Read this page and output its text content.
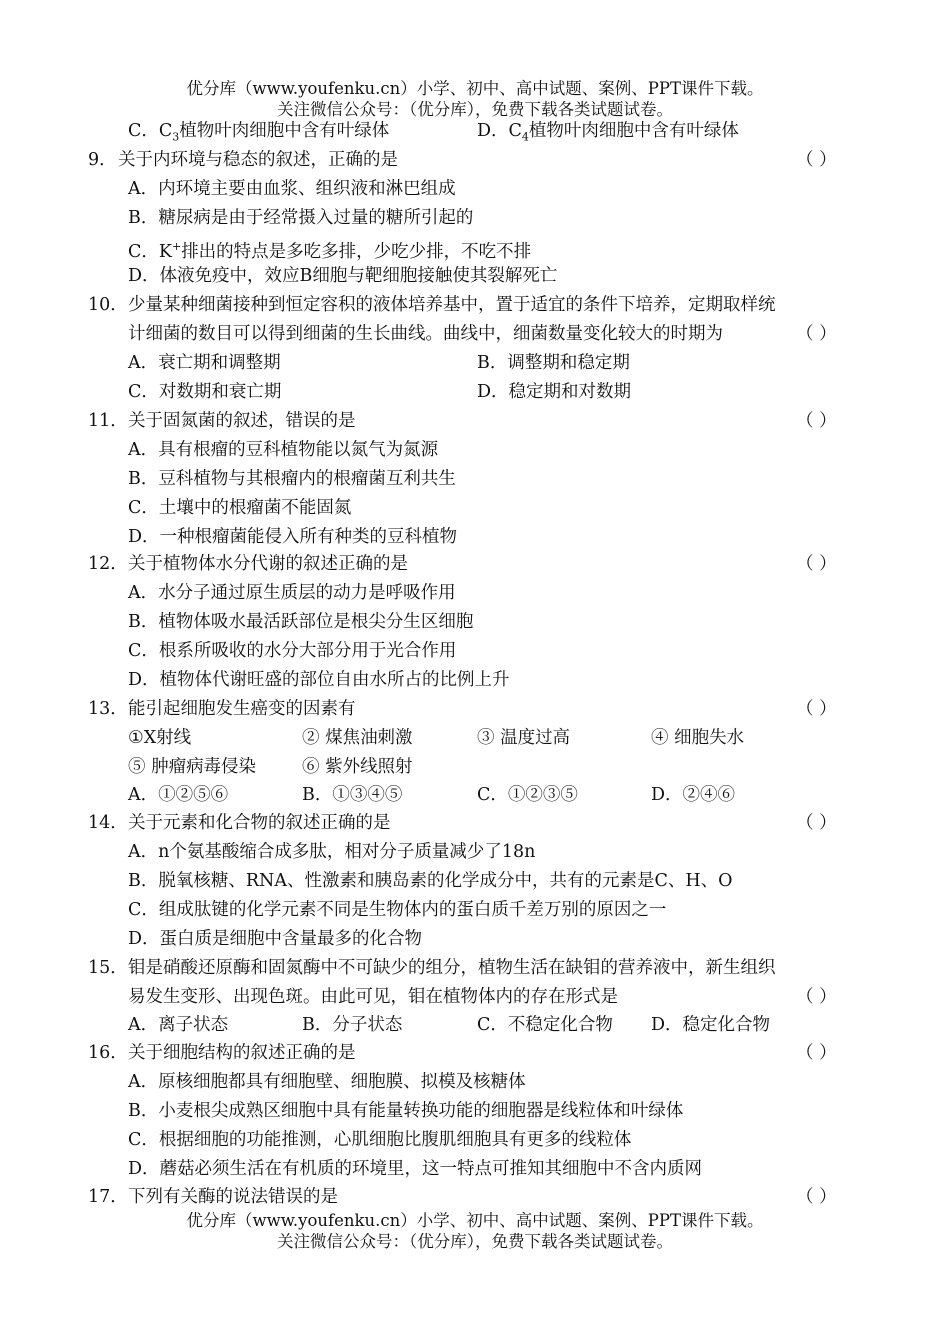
优分库（www.youfenku.cn）小学、初中、高中试题、案例、PPT课件下载。
关注微信公众号：（优分库），免费下载各类试题试卷。
C．$C_3$植物叶肉细胞中含有叶绿体	D．$C_4$植物叶肉细胞中含有叶绿体
9． 关于内环境与稳态的叙述，正确的是	（ ）
A．内环境主要由血浆、组织液和淋巴组成
B．糖尿病是由于经常摄入过量的糖所引起的
C．K+排出的特点是多吃多排，少吃少排，不吃不排
D．体液免疫中，效应B细胞与靶细胞接触使其裂解死亡
10． 少量某种细菌接种到恒定容积的液体培养基中，置于适宜的条件下培养，定期取样统
计细菌的数目可以得到细菌的生长曲线。曲线中，细菌数量变化较大的时期为	（ ）
A．衰亡期和调整期	B．调整期和稳定期
C．对数期和衰亡期	D．稳定期和对数期
11． 关于固氮菌的叙述，错误的是	（ ）
A．具有根瘤的豆科植物能以氮气为氮源
B．豆科植物与其根瘤内的根瘤菌互利共生
C．土壤中的根瘤菌不能固氮
D．一种根瘤菌能侵入所有种类的豆科植物
12． 关于植物体水分代谢的叙述正确的是	（ ）
A．水分子通过原生质层的动力是呼吸作用
B．植物体吸水最活跃部位是根尖分生区细胞
C．根系所吸收的水分大部分用于光合作用
D．植物体代谢旺盛的部位自由水所占的比例上升
13． 能引起细胞发生癌变的因素有	（ ）
①X射线	② 煤焦油刺激	③ 温度过高	④ 细胞失水
⑤ 肿瘤病毒侵染	⑥ 紫外线照射
A．①②⑤⑥	B．①③④⑤	C．①②③⑤	D．②④⑥
14． 关于元素和化合物的叙述正确的是	（ ）
A．n个氨基酸缩合成多肽，相对分子质量减少了18n
B．脱氧核糖、RNA、性激素和胰岛素的化学成分中，共有的元素是C、H、O
C．组成肽键的化学元素不同是生物体内的蛋白质千差万别的原因之一
D．蛋白质是细胞中含量最多的化合物
15． 钼是硝酸还原酶和固氮酶中不可缺少的组分，植物生活在缺钼的营养液中，新生组织
易发生变形、出现色斑。由此可见，钼在植物体内的存在形式是	（ ）
A．离子状态	B．分子状态	C．不稳定化合物 D．稳定化合物
16． 关于细胞结构的叙述正确的是	（ ）
A．原核细胞都具有细胞壁、细胞膜、拟模及核糖体
B．小麦根尖成熟区细胞中具有能量转换功能的细胞器是线粒体和叶绿体
C．根据细胞的功能推测，心肌细胞比腹肌细胞具有更多的线粒体
D．蘑菇必须生活在有机质的环境里，这一特点可推知其细胞中不含内质网
17． 下列有关酶的说法错误的是	（ ）
优分库（www.youfenku.cn）小学、初中、高中试题、案例、PPT课件下载。
关注微信公众号：（优分库），免费下载各类试题试卷。
